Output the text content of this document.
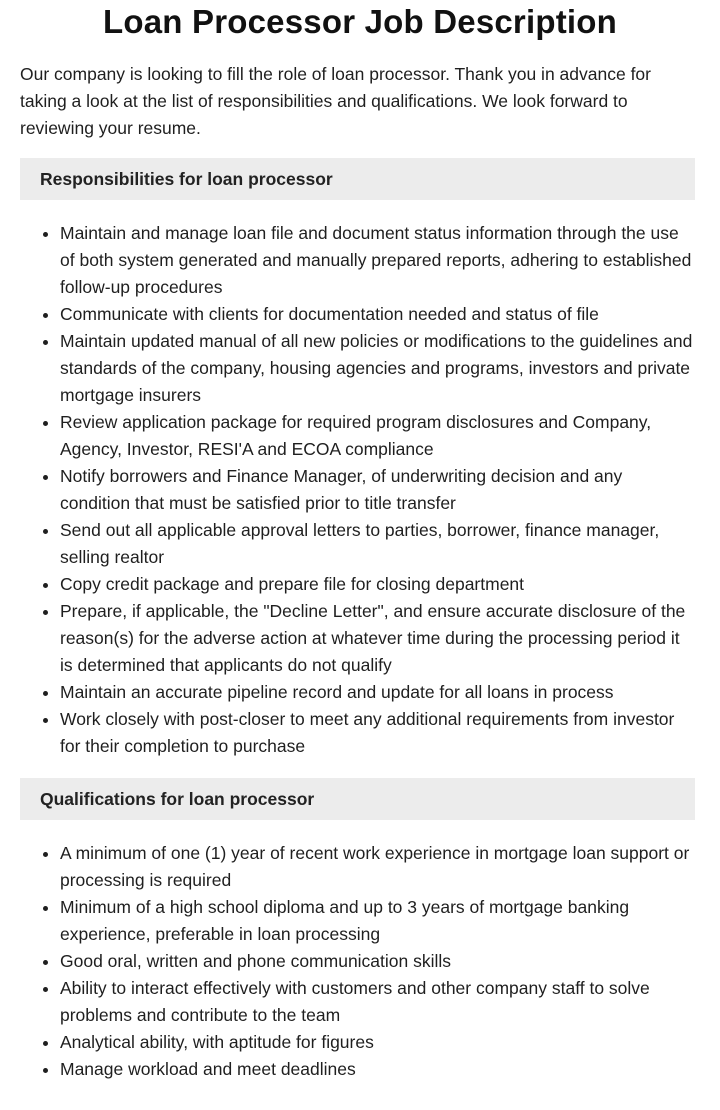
Loan Processor Job Description

Our company is looking to fill the role of loan processor. Thank you in advance for taking a look at the list of responsibilities and qualifications. We look forward to reviewing your resume.

Responsibilities for loan processor
• Maintain and manage loan file and document status information through the use of both system generated and manually prepared reports, adhering to established follow-up procedures
• Communicate with clients for documentation needed and status of file
• Maintain updated manual of all new policies or modifications to the guidelines and standards of the company, housing agencies and programs, investors and private mortgage insurers
• Review application package for required program disclosures and Company, Agency, Investor, RESI'A and ECOA compliance
• Notify borrowers and Finance Manager, of underwriting decision and any condition that must be satisfied prior to title transfer
• Send out all applicable approval letters to parties, borrower, finance manager, selling realtor
• Copy credit package and prepare file for closing department
• Prepare, if applicable, the "Decline Letter", and ensure accurate disclosure of the reason(s) for the adverse action at whatever time during the processing period it is determined that applicants do not qualify
• Maintain an accurate pipeline record and update for all loans in process
• Work closely with post-closer to meet any additional requirements from investor for their completion to purchase
Qualifications for loan processor
• A minimum of one (1) year of recent work experience in mortgage loan support or processing is required
• Minimum of a high school diploma and up to 3 years of mortgage banking experience, preferable in loan processing
• Good oral, written and phone communication skills
• Ability to interact effectively with customers and other company staff to solve problems and contribute to the team
• Analytical ability, with aptitude for figures
• Manage workload and meet deadlines
